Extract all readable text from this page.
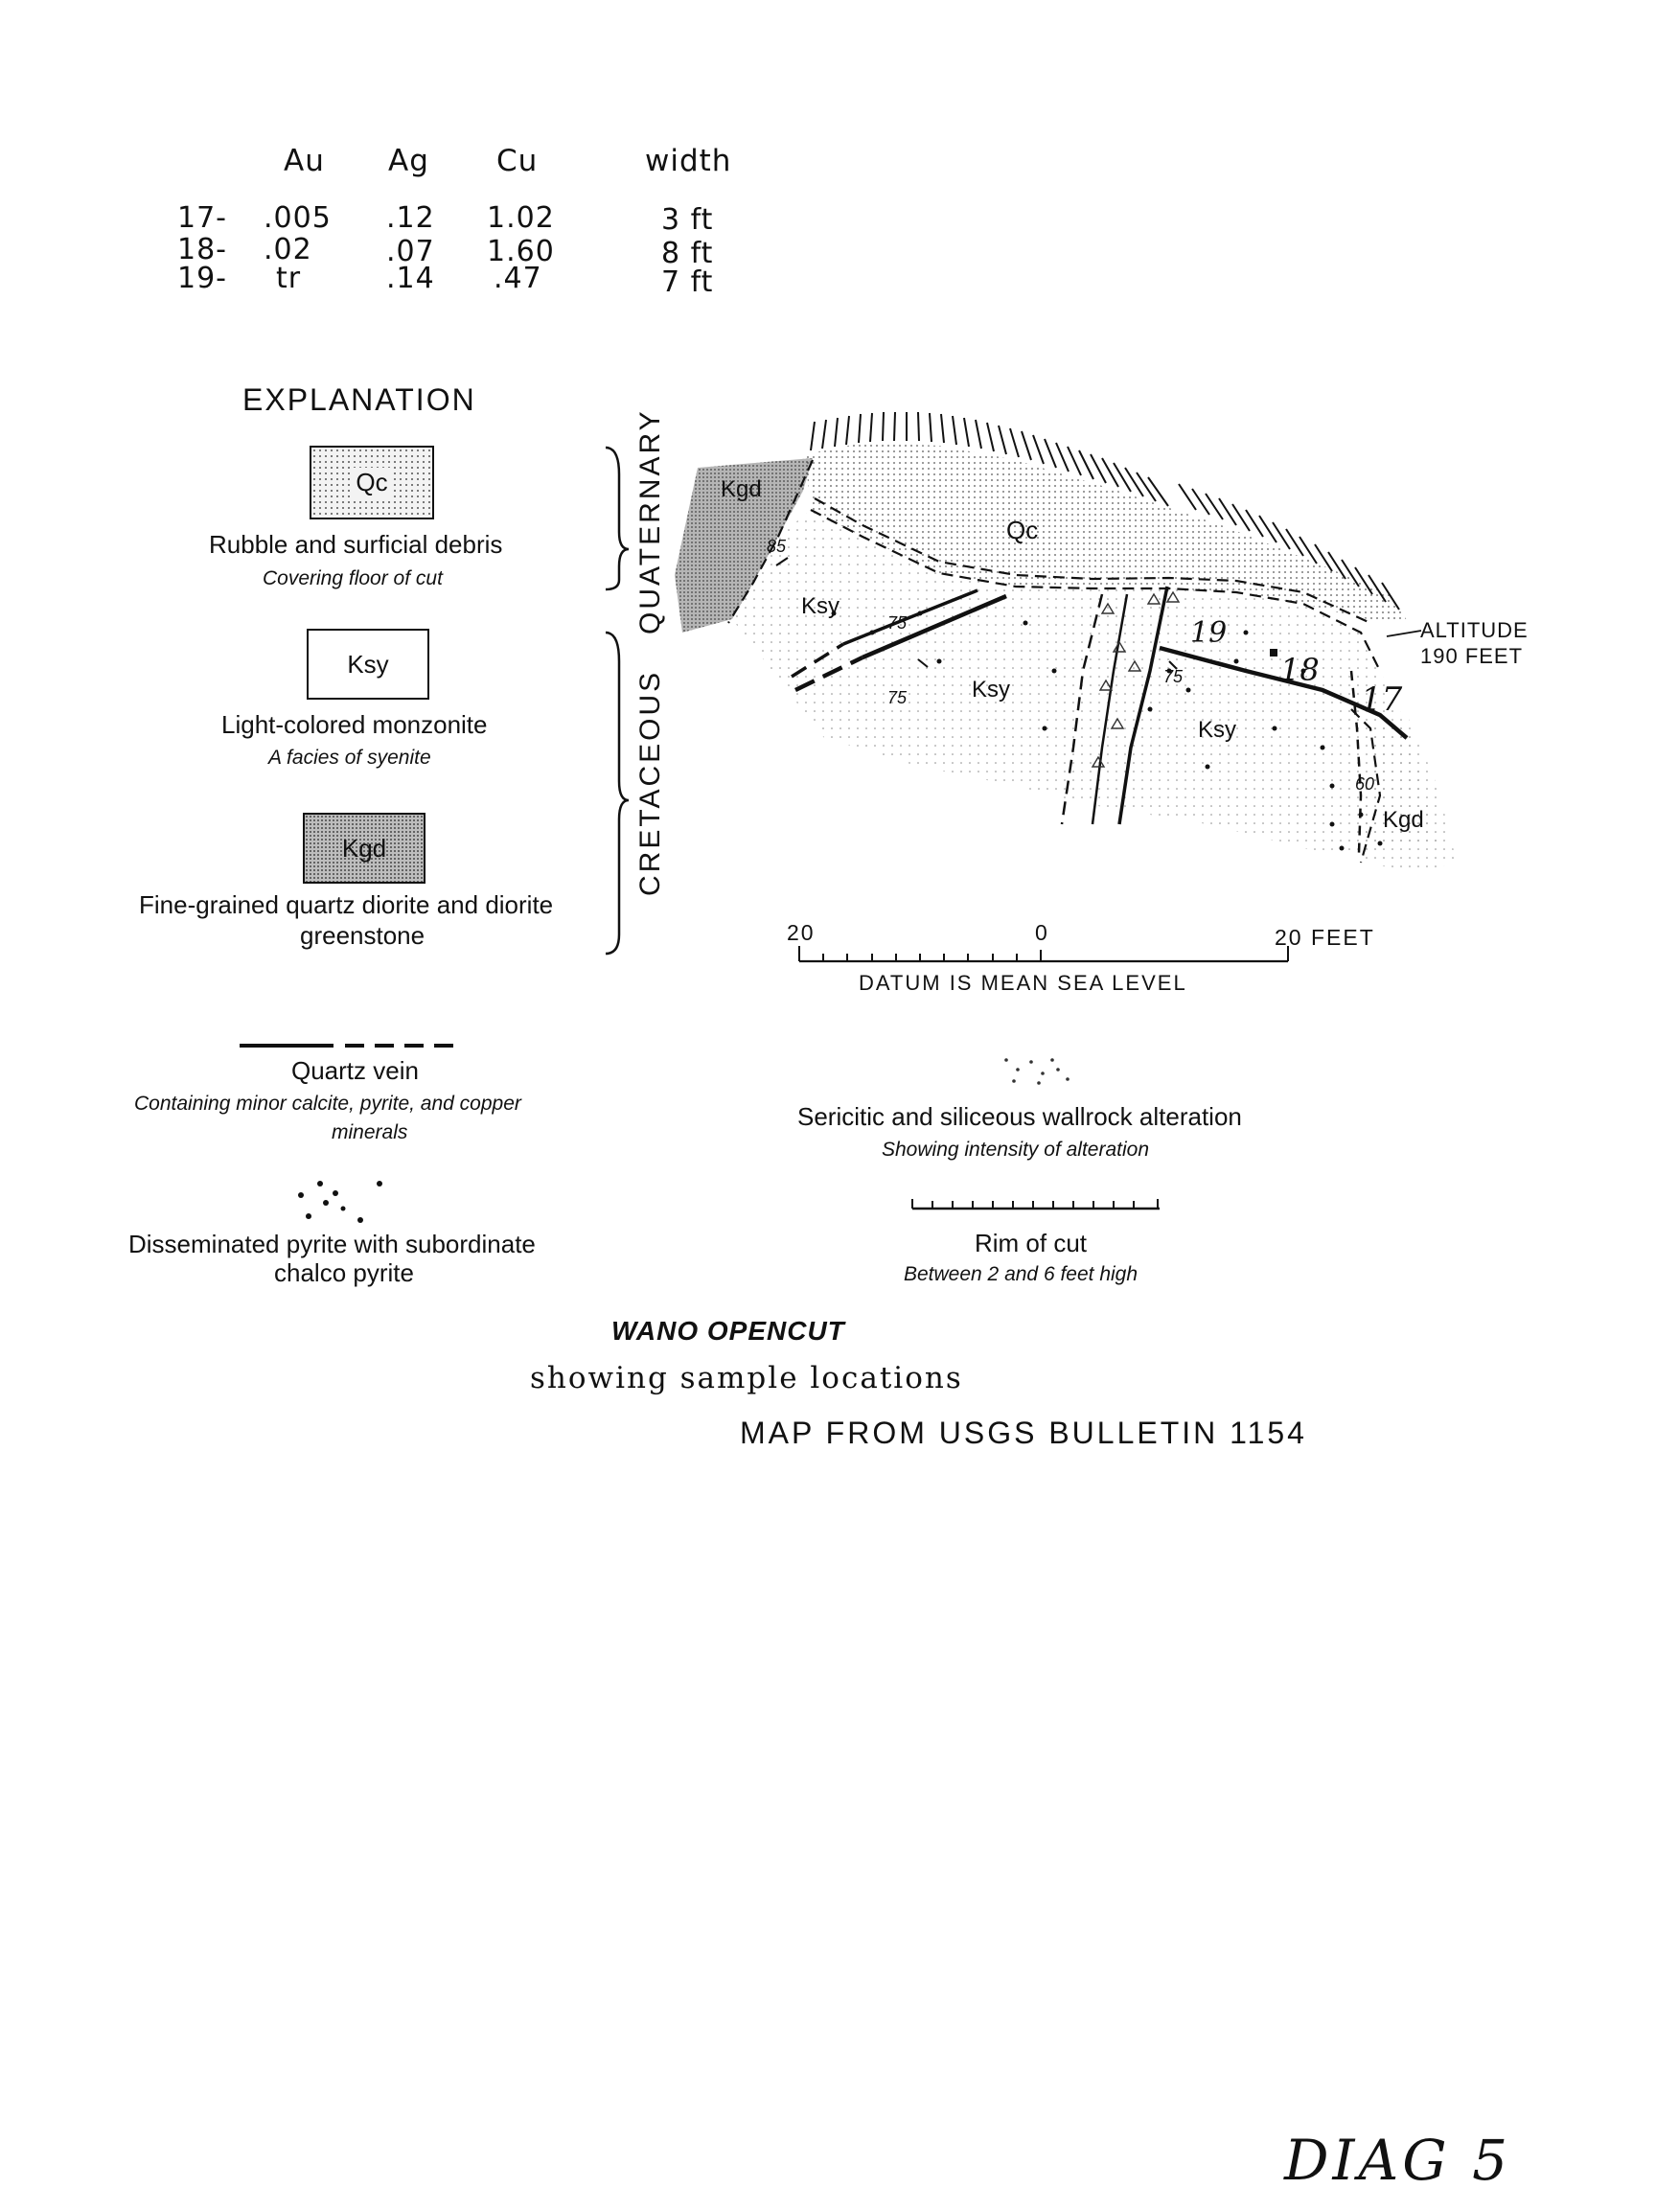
Au Ag Cu	width
17- .005 .12 1.02	3 ft
18- .02	.07 1.60	8 ft
19- tr	.14 .47	7 ft
EXPLANATION
Qc
Rubble and surficial debris
Covering floor of cut
Ksy
Light-colored monzonite
A facies of syenite
Kgd
Fine-grained quartz diorite and diorite
greenstone
QUATERNARY
CRETACEOUS
Quartz vein
Containing minor calcite, pyrite, and copper
minerals
Disseminated pyrite with subordinate
chalco pyrite
Sericitic and siliceous wallrock alteration
Showing intensity of alteration
Rim of cut
Between 2 and 6 feet high
Kgd
Qc
Ksy
Ksy
Ksy
Kgd
85
75
75
75
60
19
18
17
ALTITUDE
190 FEET
20	0	20 FEET
DATUM IS MEAN SEA LEVEL
WANO OPENCUT
showing sample locations
MAP FROM USGS BULLETIN 1154
DIAG 5
